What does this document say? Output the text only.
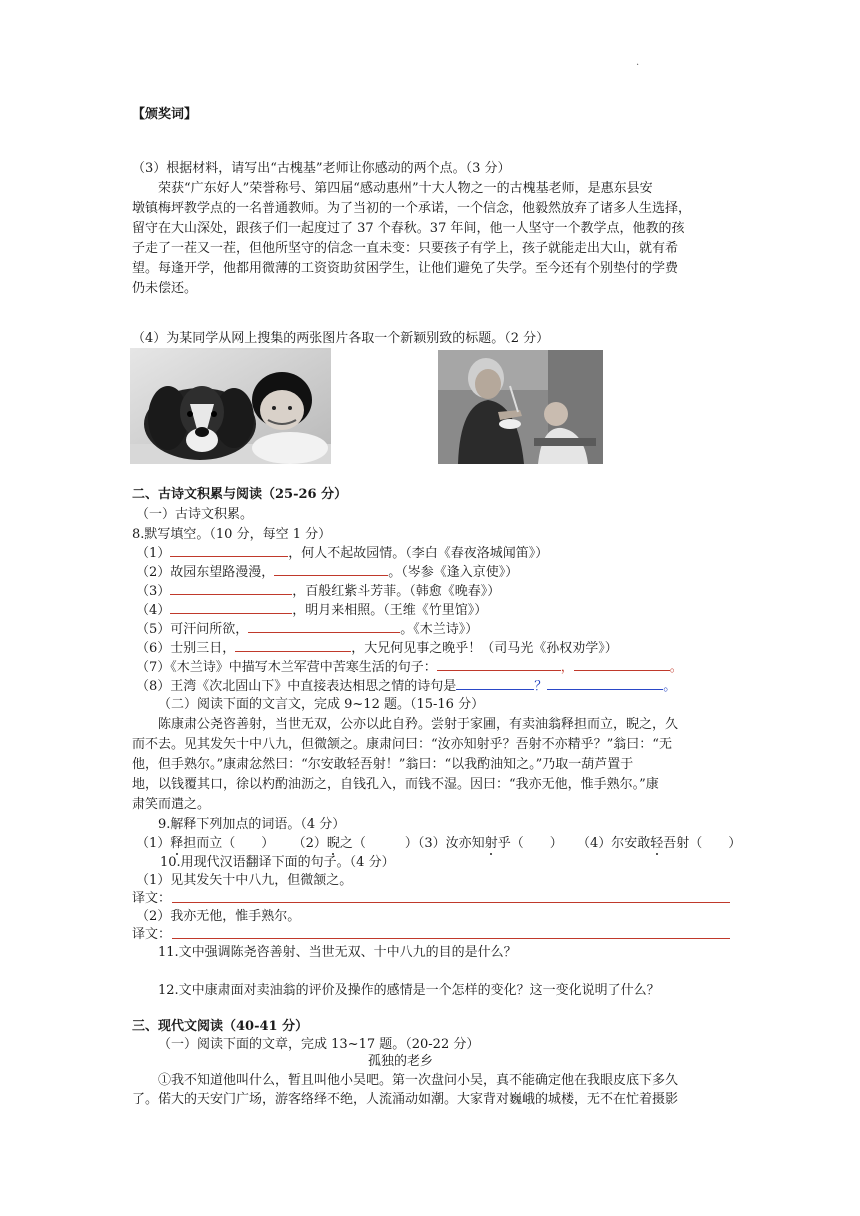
.
【颁奖词】
（3）根据材料，请写出“古槐基”老师让你感动的两个点。（3 分）
荣获“广东好人”荣誉称号、第四届“感动惠州”十大人物之一的古槐基老师，是惠东县安
墩镇梅坪教学点的一名普通教师。为了当初的一个承诺，一个信念，他毅然放弃了诸多人生选择，
留守在大山深处，跟孩子们一起度过了 37 个春秋。37 年间，他一人坚守一个教学点，他教的孩
子走了一茬又一茬，但他所坚守的信念一直未变：只要孩子有学上，孩子就能走出大山，就有希
望。每逢开学，他都用微薄的工资资助贫困学生，让他们避免了失学。至今还有个别垫付的学费
仍未偿还。
（4）为某同学从网上搜集的两张图片各取一个新颖别致的标题。（2 分）
二、古诗文积累与阅读（25-26 分）
（一）古诗文积累。
8.默写填空。（10 分，每空 1 分）
（1）	，何人不起故园情。（李白《春夜洛城闻笛》）
（2）故园东望路漫漫，	。（岑参《逢入京使》）
（3）	，百般红紫斗芳菲。（韩愈《晚春》）
（4）	，明月来相照。（王维《竹里馆》）
（5）可汗问所欲，	。《木兰诗》）
（6）士别三日，	，大兄何见事之晚乎！（司马光《孙权劝学》）
（7）《木兰诗》中描写木兰军营中苦寒生活的句子：	，	。
（8）王湾《次北固山下》中直接表达相思之情的诗句是	？	。
（二）阅读下面的文言文，完成 9~12 题。（15-16 分）
陈康肃公尧咨善射，当世无双，公亦以此自矜。尝射于家圃，有卖油翁释担而立，睨之，久
而不去。见其发矢十中八九，但微颔之。康肃问曰：“汝亦知射乎？吾射不亦精乎？”翁曰：“无
他，但手熟尔。”康肃忿然曰：“尔安敢轻吾射！”翁曰：“以我酌油知之。”乃取一葫芦置于
地，以钱覆其口，徐以杓酌油沥之，自钱孔入，而钱不湿。因曰：“我亦无他，惟手熟尔。”康
肃笑而遣之。
9.解释下列加点的词语。（4 分）
（1）释担而立（　　） （2）睨之（　　　）（3）汝亦知射乎（　　） （4）尔安敢轻吾射（　　）
10.用现代汉语翻译下面的句子。（4 分）
（1）见其发矢十中八九，但微颔之。
译文：
（2）我亦无他，惟手熟尔。
译文：
11.文中强调陈尧咨善射、当世无双、十中八九的目的是什么？
12.文中康肃面对卖油翁的评价及操作的感情是一个怎样的变化？这一变化说明了什么？
三、现代文阅读（40-41 分）
（一）阅读下面的文章，完成 13~17 题。（20-22 分）
孤独的老乡
①我不知道他叫什么，暂且叫他小吴吧。第一次盘问小吴，真不能确定他在我眼皮底下多久
了。偌大的天安门广场，游客络绎不绝，人流涌动如潮。大家背对巍峨的城楼，无不在忙着摄影
